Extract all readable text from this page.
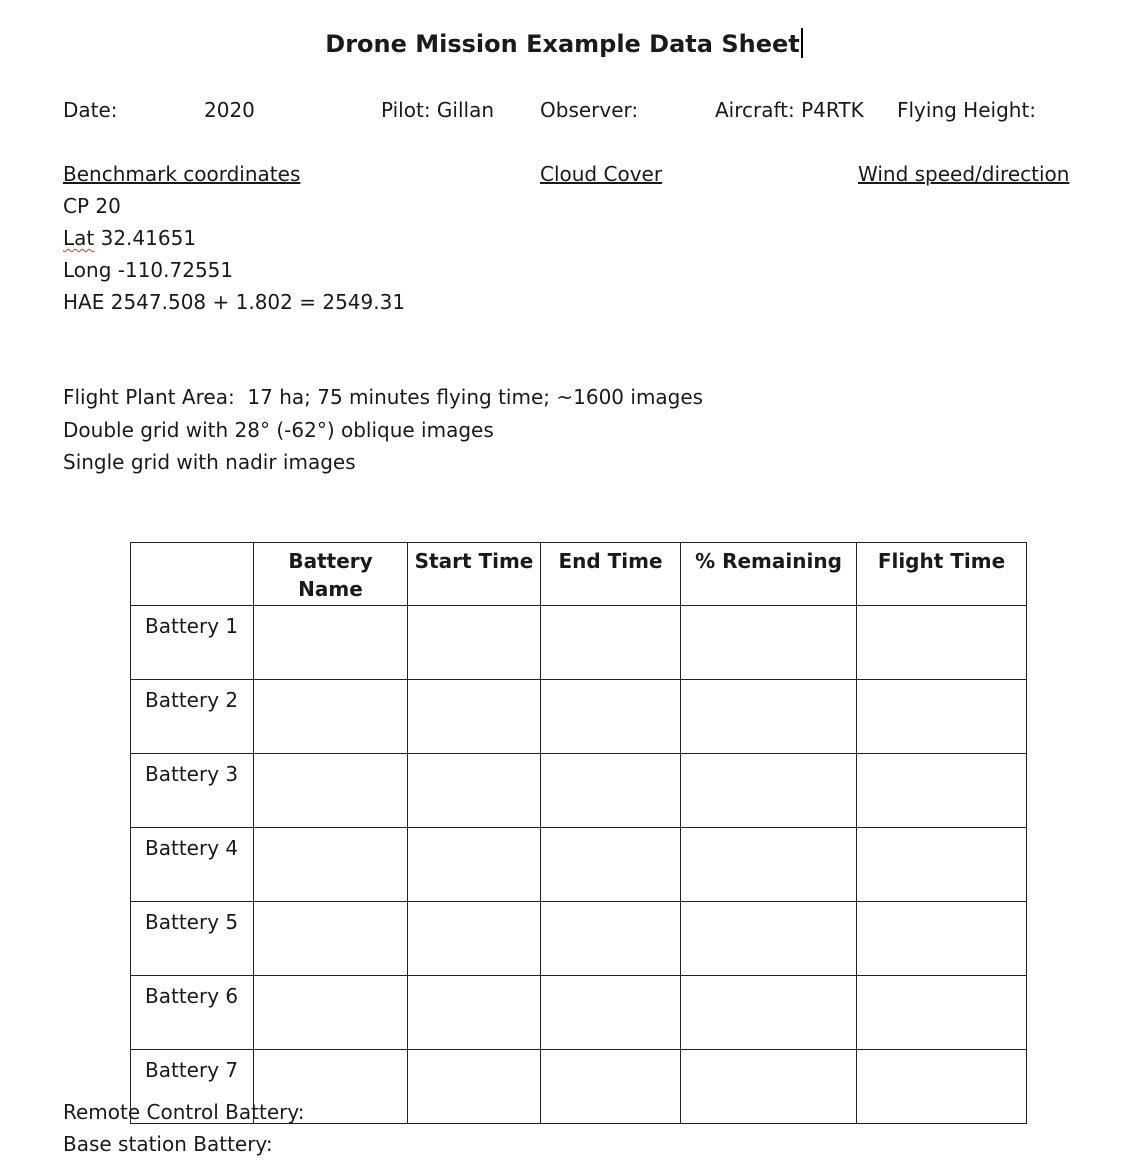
Drone Mission Example Data Sheet
Date:	2020	Pilot: Gillan Observer:	Aircraft: P4RTK Flying Height:
Benchmark coordinates	Cloud Cover	Wind speed/direction
CP 20
Lat 32.41651
Long -110.72551
HAE 2547.508 + 1.802 = 2549.31
Flight Plant Area:  17 ha; 75 minutes flying time; ~1600 images
Double grid with 28° (-62°) oblique images
Single grid with nadir images
	Battery Name	Start Time	End Time	% Remaining	Flight Time
Battery 1					
Battery 2					
Battery 3					
Battery 4					
Battery 5					
Battery 6					
Battery 7					
Remote Control Battery:
Base station Battery:
